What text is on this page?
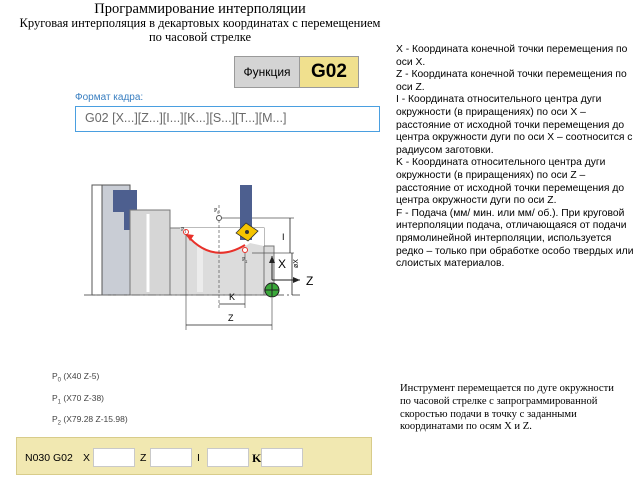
Программирование интерполяции
Круговая интерполяция в декартовых координатах с перемещением
по часовой стрелке
Функция	G02
Формат кадра:
G02 [X...][Z...][I...][K...][S...][T...][M...]
$P_1$
$P_0$
$P_2$	X
Z
I
K
Z
øX

X - Координата конечной точки перемещения по оси X.

Z - Координата конечной точки перемещения по оси Z.

I - Координата относительного центра дуги окружности (в приращениях) по оси X – расстояние от исходной точки перемещения до центра окружности дуги по оси X – соотносится с радиусом заготовки.

K - Координата относительного центра дуги окружности (в приращениях) по оси Z – расстояние от исходной точки перемещения до центра окружности дуги по оси Z.

F - Подача (мм/ мин. или мм/ об.). При круговой интерполяции подача, отличающаяся от подачи прямолинейной интерполяции, используется редко – только при обработке особо твердых или слоистых материалов.

$P_0$ (X40 Z-5)
$P_1$ (X70 Z-38)
$P_2$ (X79.28 Z-15.98)
Инструмент перемещается по дуге окружности по часовой стрелке с запрограммированной скоростью подачи в точку с заданными координатами по осям X и Z.
N030 G02 X	Z	I	K
